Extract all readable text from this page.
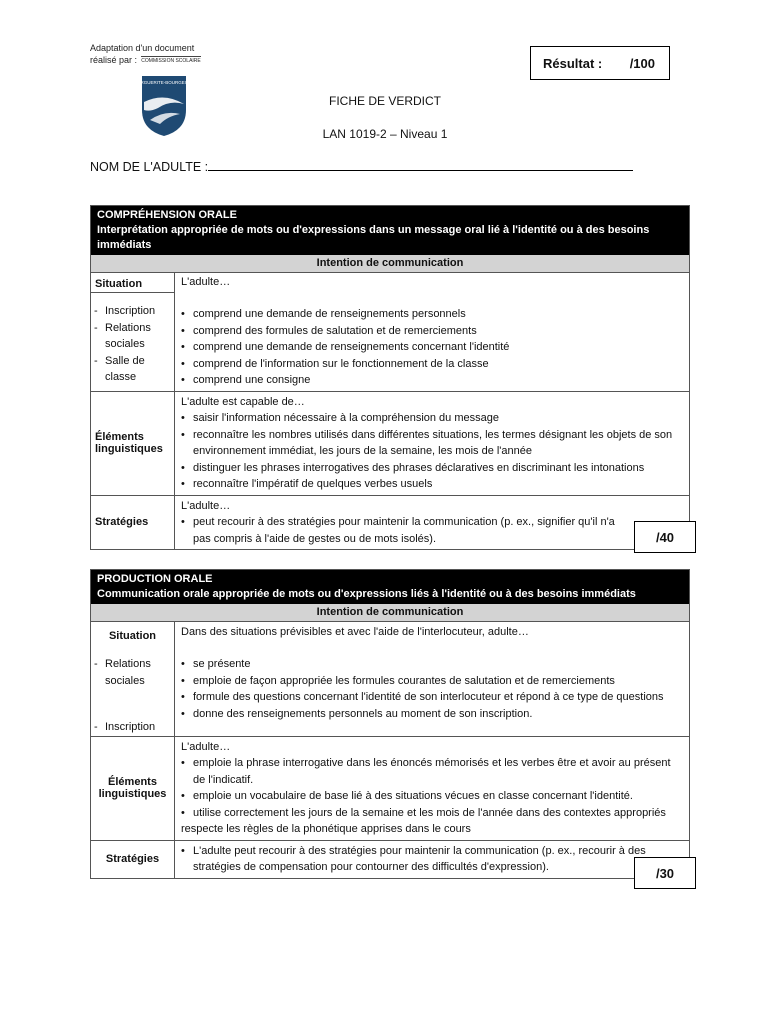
Adaptation d'un document
réalisé par : COMMISSION SCOLAIRE
MARGUERITE-BOURGEOYS
Résultat : /100
FICHE DE VERDICT
LAN 1019-2 – Niveau 1
NOM DE L'ADULTE :
COMPRÉHENSION ORALE
Interprétation appropriée de mots ou d'expressions dans un message oral lié à l'identité ou à des besoins immédiats
Intention de communication
Situation
- Inscription
- Relations sociales
- Salle de classe
L'adulte…
• comprend une demande de renseignements personnels
• comprend des formules de salutation et de remerciements
• comprend une demande de renseignements concernant l'identité
• comprend de l'information sur le fonctionnement de la classe
• comprend une consigne
Éléments linguistiques
L'adulte est capable de…
• saisir l'information nécessaire à la compréhension du message
• reconnaître les nombres utilisés dans différentes situations, les termes désignant les objets de son environnement immédiat, les jours de la semaine, les mois de l'année
• distinguer les phrases interrogatives des phrases déclaratives en discriminant les intonations
• reconnaître l'impératif de quelques verbes usuels
Stratégies
L'adulte…
• peut recourir à des stratégies pour maintenir la communication (p. ex., signifier qu'il n'a pas compris à l'aide de gestes ou de mots isolés).	/40
PRODUCTION ORALE
Communication orale appropriée de mots ou d'expressions liés à l'identité ou à des besoins immédiats
Intention de communication
Situation
- Relations sociales
- Inscription
Dans des situations prévisibles et avec l'aide de l'interlocuteur, adulte…
• se présente
• emploie de façon appropriée les formules courantes de salutation et de remerciements
• formule des questions concernant l'identité de son interlocuteur et répond à ce type de questions
• donne des renseignements personnels au moment de son inscription.
Éléments linguistiques
L'adulte…
• emploie la phrase interrogative dans les énoncés mémorisés et les verbes être et avoir au présent de l'indicatif.
• emploie un vocabulaire de base lié à des situations vécues en classe concernant l'identité.
• utilise correctement les jours de la semaine et les mois de l'année dans des contextes appropriés
respecte les règles de la phonétique apprises dans le cours
Stratégies
• L'adulte peut recourir à des stratégies pour maintenir la communication (p. ex., recourir à des stratégies de compensation pour contourner des difficultés d'expression).	/30
